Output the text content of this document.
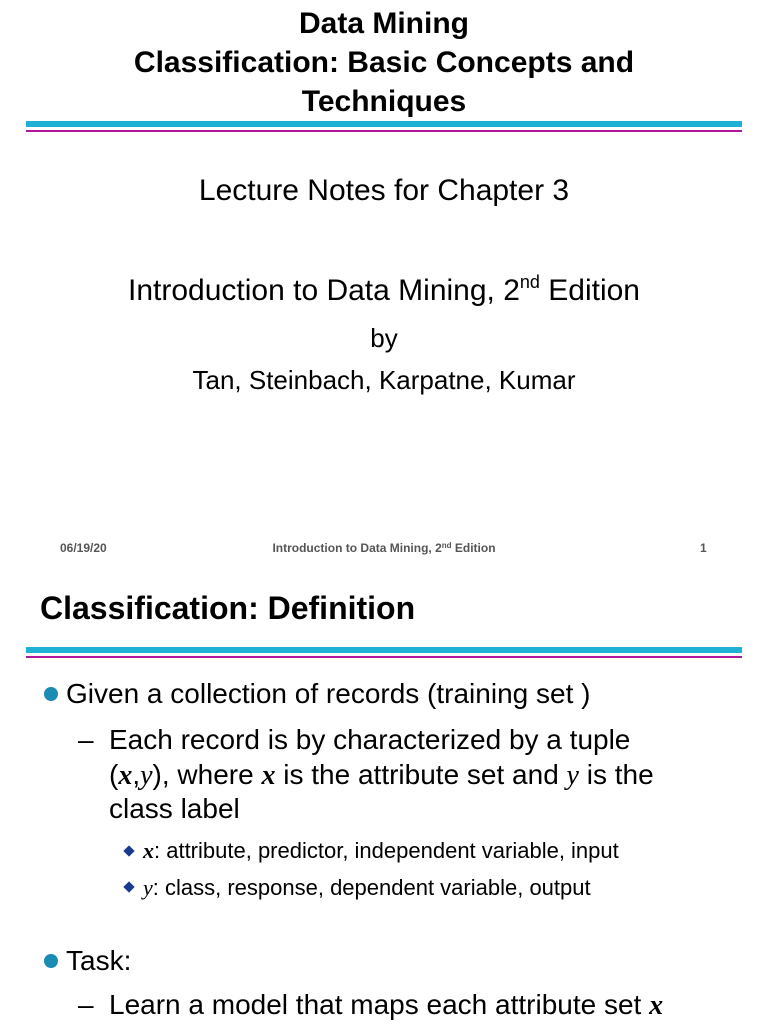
Data Mining
Classification: Basic Concepts and
Techniques
Lecture Notes for Chapter 3
Introduction to Data Mining, 2nd Edition
by
Tan, Steinbach, Karpatne, Kumar
06/19/20	Introduction to Data Mining, 2nd Edition	1
Classification: Definition
Given a collection of records (training set )
– Each record is by characterized by a tuple
(x,y), where x is the attribute set and y is the
class label
x: attribute, predictor, independent variable, input
y: class, response, dependent variable, output
Task:
– Learn a model that maps each attribute set x
